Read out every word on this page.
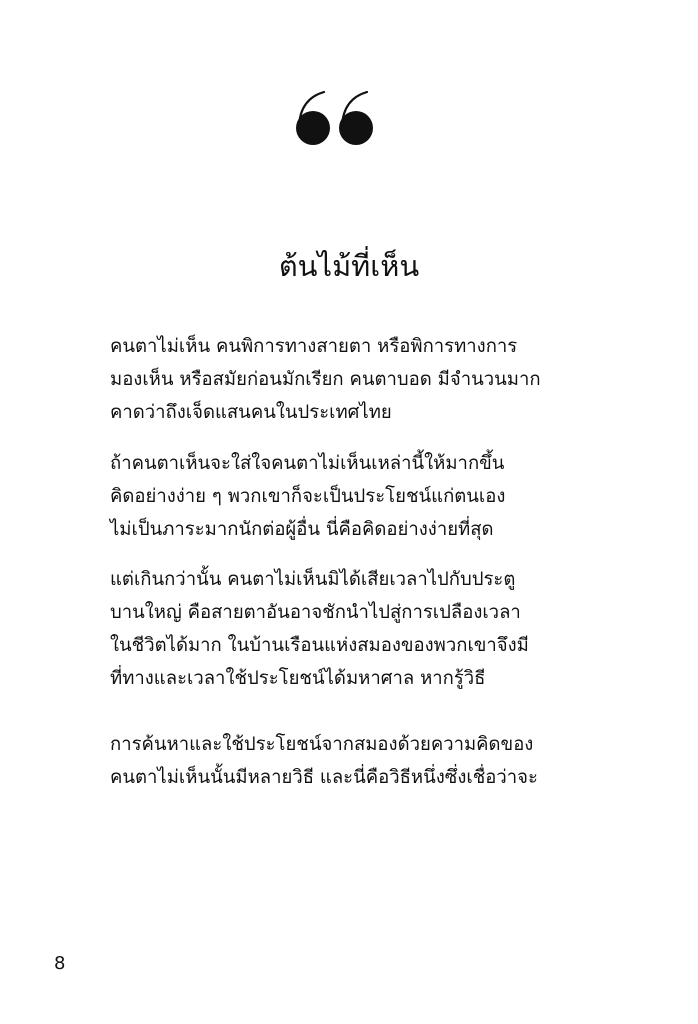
ต้นไม้ที่เห็น
คนตาไม่เห็น คนพิการทางสายตา หรือพิการทางการ
มองเห็น หรือสมัยก่อนมักเรียก คนตาบอด มีจำนวนมาก
คาดว่าถึงเจ็ดแสนคนในประเทศไทย
ถ้าคนตาเห็นจะใส่ใจคนตาไม่เห็นเหล่านี้ให้มากขึ้น
คิดอย่างง่าย ๆ พวกเขาก็จะเป็นประโยชน์แก่ตนเอง
ไม่เป็นภาระมากนักต่อผู้อื่น นี่คือคิดอย่างง่ายที่สุด
แต่เกินกว่านั้น คนตาไม่เห็นมิได้เสียเวลาไปกับประตู
บานใหญ่ คือสายตาอันอาจชักนำไปสู่การเปลืองเวลา
ในชีวิตได้มาก ในบ้านเรือนแห่งสมองของพวกเขาจึงมี
ที่ทางและเวลาใช้ประโยชน์ได้มหาศาล หากรู้วิธี
การค้นหาและใช้ประโยชน์จากสมองด้วยความคิดของ
คนตาไม่เห็นนั้นมีหลายวิธี และนี่คือวิธีหนึ่งซึ่งเชื่อว่าจะ
8
